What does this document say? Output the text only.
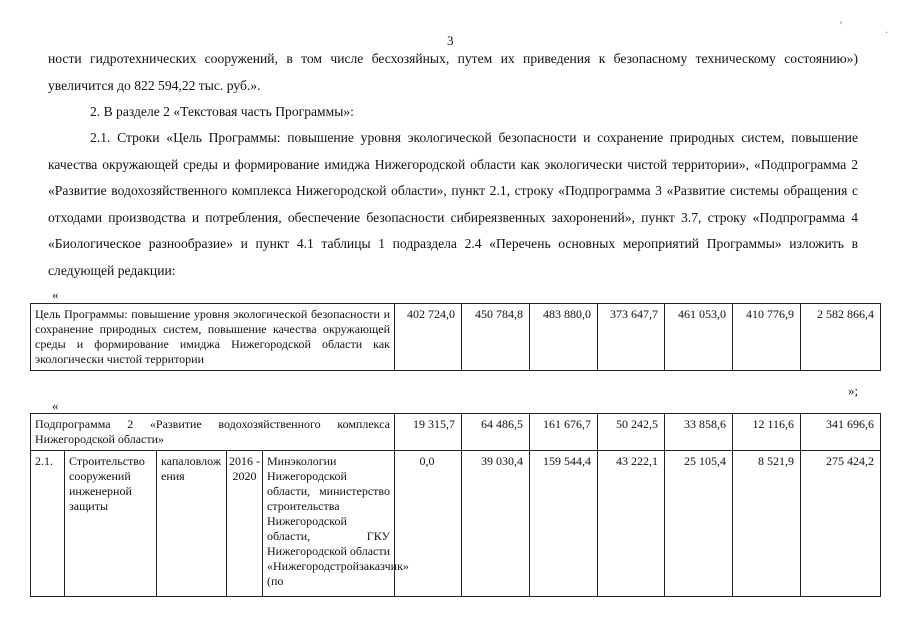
3
'	.

ности гидротехнических сооружений, в том числе бесхозяйных, путем их приведения к безопасному техническому состоянию») увеличится до 822 594,22 тыс. руб.».

2. В разделе 2 «Текстовая часть Программы»:

2.1. Строки «Цель Программы: повышение уровня экологической безопасности и сохранение природных систем, повышение качества окружающей среды и формирование имиджа Нижегородской области как экологически чистой территории», «Подпрограмма 2 «Развитие водохозяйственного комплекса Нижегородской области», пункт 2.1, строку «Подпрограмма 3 «Развитие системы обращения с отходами производства и потребления, обеспечение безопасности сибиреязвенных захоронений», пункт 3.7, строку «Подпрограмма 4 «Биологическое разнообразие» и пункт 4.1 таблицы 1 подраздела 2.4 «Перечень основных мероприятий Программы» изложить в следующей редакции:

«
Цель Программы: повышение уровня экологической безопасности и сохранение природных систем, повышение качества окружающей среды и формирование имиджа Нижегородской области как экологически чистой территории	402 724,0	450 784,8	483 880,0	373 647,7	461 053,0	410 776,9	2 582 866,4
»;
«
Подпрограмма 2 «Развитие водохозяйственного комплекса Нижегородской области»					19 315,7	64 486,5	161 676,7	50 242,5	33 858,6	12 116,6	341 696,6
2.1.	Строительство сооружений инженерной защиты	капаловложения	2016 - 2020	Минэкологии Нижегородской области, министерство строительства Нижегородской области, ГКУ Нижегородской области «Нижегородстройзаказчик» (по	0,0	39 030,4	159 544,4	43 222,1	25 105,4	8 521,9	275 424,2
